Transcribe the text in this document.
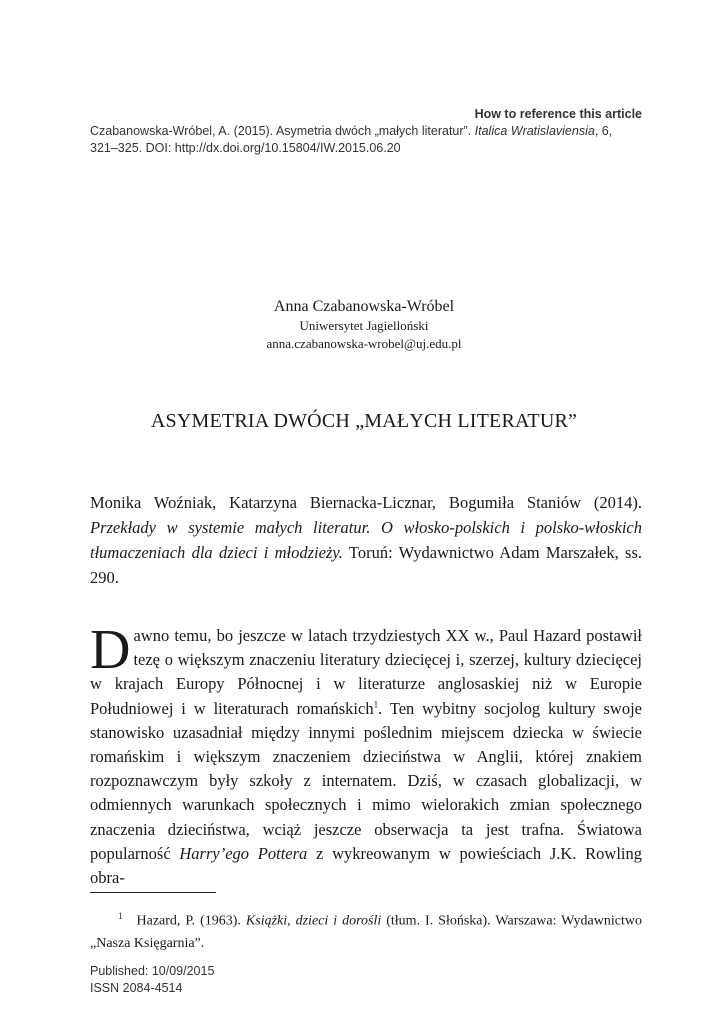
How to reference this article

Czabanowska-Wróbel, A. (2015). Asymetria dwóch „małych literatur”. Italica Wratislaviensia, 6, 321–325. DOI: http://dx.doi.org/10.15804/IW.2015.06.20

Anna Czabanowska-Wróbel
Uniwersytet Jagielloński
anna.czabanowska-wrobel@uj.edu.pl
ASYMETRIA DWÓCH „MAŁYCH LITERATUR”

Monika Woźniak, Katarzyna Biernacka-Licznar, Bogumiła Staniów (2014). Przekłady w systemie małych literatur. O włosko-polskich i polsko-włoskich tłumaczeniach dla dzieci i młodzieży. Toruń: Wydawnictwo Adam Marszałek, ss. 290.

Dawno temu, bo jeszcze w latach trzydziestych XX w., Paul Hazard postawił tezę o większym znaczeniu literatury dziecięcej i, szerzej, kultury dziecięcej w krajach Europy Północnej i w literaturze anglosaskiej niż w Europie Południowej i w literaturach romańskich$^1$. Ten wybitny socjolog kultury swoje stanowisko uzasadniał między innymi poślednim miejscem dziecka w świecie romańskim i większym znaczeniem dzieciństwa w Anglii, której znakiem rozpoznawczym były szkoły z internatem. Dziś, w czasach globalizacji, w odmiennych warunkach społecznych i mimo wielorakich zmian społecznego znaczenia dzieciństwa, wciąż jeszcze obserwacja ta jest trafna. Światowa popularność Harry’ego Pottera z wykreowanym w powieściach J.K. Rowling obra-

$^1$ Hazard, P. (1963). Książki, dzieci i dorośli (tłum. I. Słońska). Warszawa: Wydawnictwo „Nasza Księgarnia”.

Published: 10/09/2015
ISSN 2084-4514
